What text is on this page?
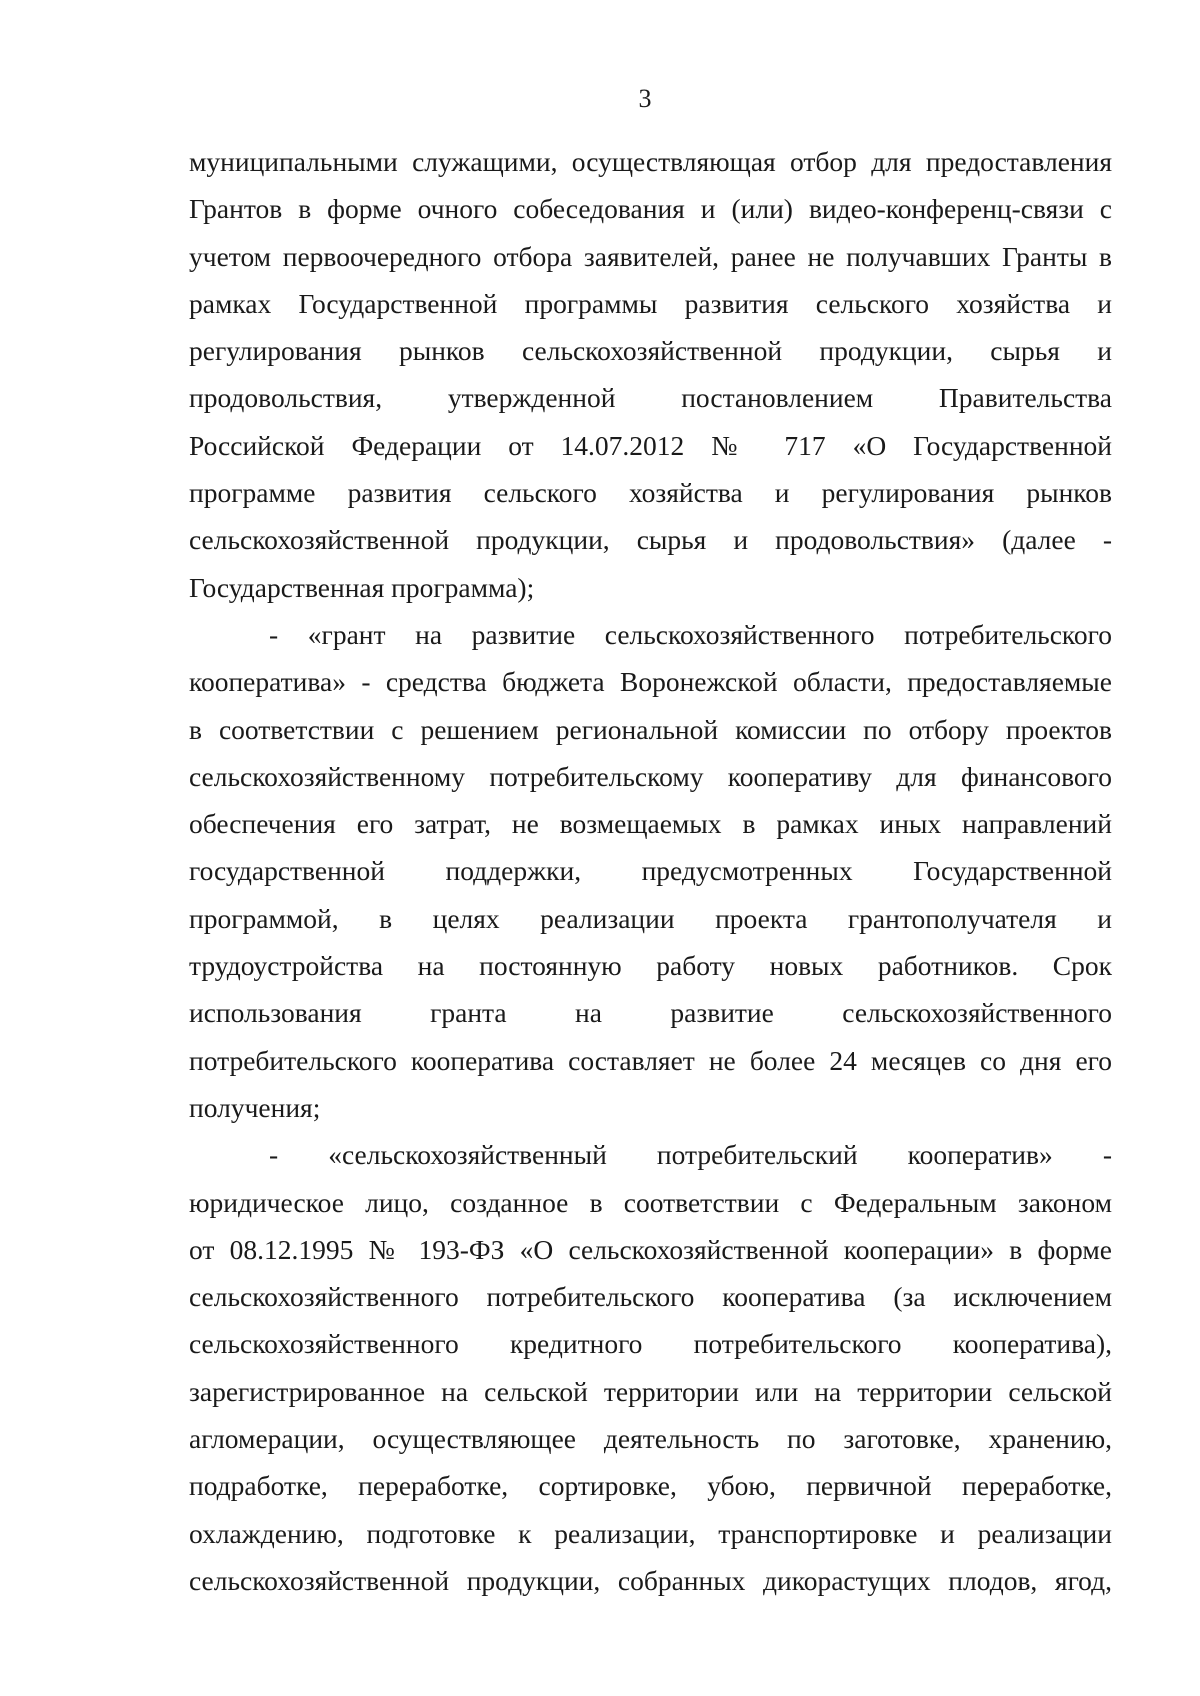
3

муниципальными служащими, осуществляющая отбор для предоставления
Грантов в форме очного собеседования и (или) видео-конференц-связи с
учетом первоочередного отбора заявителей, ранее не получавших Гранты в
рамках Государственной программы развития сельского хозяйства и
регулирования рынков сельскохозяйственной продукции, сырья и
продовольствия, утвержденной постановлением Правительства
Российской Федерации от 14.07.2012 № 717 «О Государственной
программе развития сельского хозяйства и регулирования рынков
сельскохозяйственной продукции, сырья и продовольствия» (далее -
Государственная программа);

- «грант на развитие сельскохозяйственного потребительского
кооператива» - средства бюджета Воронежской области, предоставляемые
в соответствии с решением региональной комиссии по отбору проектов
сельскохозяйственному потребительскому кооперативу для финансового
обеспечения его затрат, не возмещаемых в рамках иных направлений
государственной поддержки, предусмотренных Государственной
программой, в целях реализации проекта грантополучателя и
трудоустройства на постоянную работу новых работников. Срок
использования гранта на развитие сельскохозяйственного
потребительского кооператива составляет не более 24 месяцев со дня его
получения;

- «сельскохозяйственный потребительский кооператив» -
юридическое лицо, созданное в соответствии с Федеральным законом
от 08.12.1995 № 193-ФЗ «О сельскохозяйственной кооперации» в форме
сельскохозяйственного потребительского кооператива (за исключением
сельскохозяйственного кредитного потребительского кооператива),
зарегистрированное на сельской территории или на территории сельской
агломерации, осуществляющее деятельность по заготовке, хранению,
подработке, переработке, сортировке, убою, первичной переработке,
охлаждению, подготовке к реализации, транспортировке и реализации
сельскохозяйственной продукции, собранных дикорастущих плодов, ягод,
